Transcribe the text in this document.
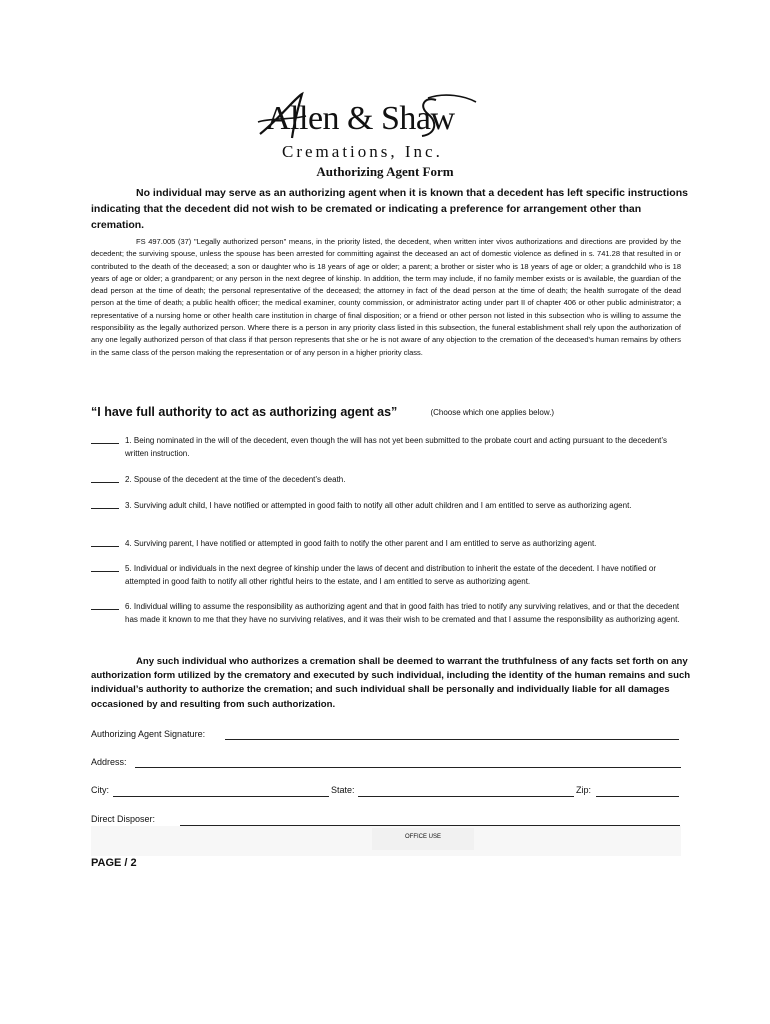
Allen & Shaw
Cremations, Inc.
Authorizing Agent Form
No individual may serve as an authorizing agent when it is known that a decedent has left specific instructions indicating that the decedent did not wish to be cremated or indicating a preference for arrangement other than cremation.
FS 497.005 (37) "Legally authorized person" means, in the priority listed, the decedent, when written inter vivos authorizations and directions are provided by the decedent; the surviving spouse, unless the spouse has been arrested for committing against the deceased an act of domestic violence as defined in s. 741.28 that resulted in or contributed to the death of the deceased; a son or daughter who is 18 years of age or older; a parent; a brother or sister who is 18 years of age or older; a grandchild who is 18 years of age or older; a grandparent; or any person in the next degree of kinship. In addition, the term may include, if no family member exists or is available, the guardian of the dead person at the time of death; the personal representative of the deceased; the attorney in fact of the dead person at the time of death; the health surrogate of the dead person at the time of death; a public health officer; the medical examiner, county commission, or administrator acting under part II of chapter 406 or other public administrator; a representative of a nursing home or other health care institution in charge of final disposition; or a friend or other person not listed in this subsection who is willing to assume the responsibility as the legally authorized person. Where there is a person in any priority class listed in this subsection, the funeral establishment shall rely upon the authorization of any one legally authorized person of that class if that person represents that she or he is not aware of any objection to the cremation of the deceased's human remains by others in the same class of the person making the representation or of any person in a higher priority class.
“I have full authority to act as authorizing agent as”	(Choose which one applies below.)
1. Being nominated in the will of the decedent, even though the will has not yet been submitted to the probate court and acting pursuant to the decedent’s written instruction.
2. Spouse of the decedent at the time of the decedent’s death.
3. Surviving adult child, I have notified or attempted in good faith to notify all other adult children and I am entitled to serve as authorizing agent.
4. Surviving parent, I have notified or attempted in good faith to notify the other parent and I am entitled to serve as authorizing agent.
5. Individual or individuals in the next degree of kinship under the laws of decent and distribution to inherit the estate of the decedent. I have notified or attempted in good faith to notify all other rightful heirs to the estate, and I am entitled to serve as authorizing agent.
6. Individual willing to assume the responsibility as authorizing agent and that in good faith has tried to notify any surviving relatives, and or that the decedent has made it known to me that they have no surviving relatives, and it was their wish to be cremated and that I assume the responsibility as authorizing agent.
Any such individual who authorizes a cremation shall be deemed to warrant the truthfulness of any facts set forth on any authorization form utilized by the crematory and executed by such individual, including the identity of the human remains and such individual’s authority to authorize the cremation; and such individual shall be personally and individually liable for all damages occasioned by and resulting from such authorization.
Authorizing Agent Signature:
Address:
City:	State:	Zip:
Direct Disposer:
OFFICE USE
PAGE / 2
